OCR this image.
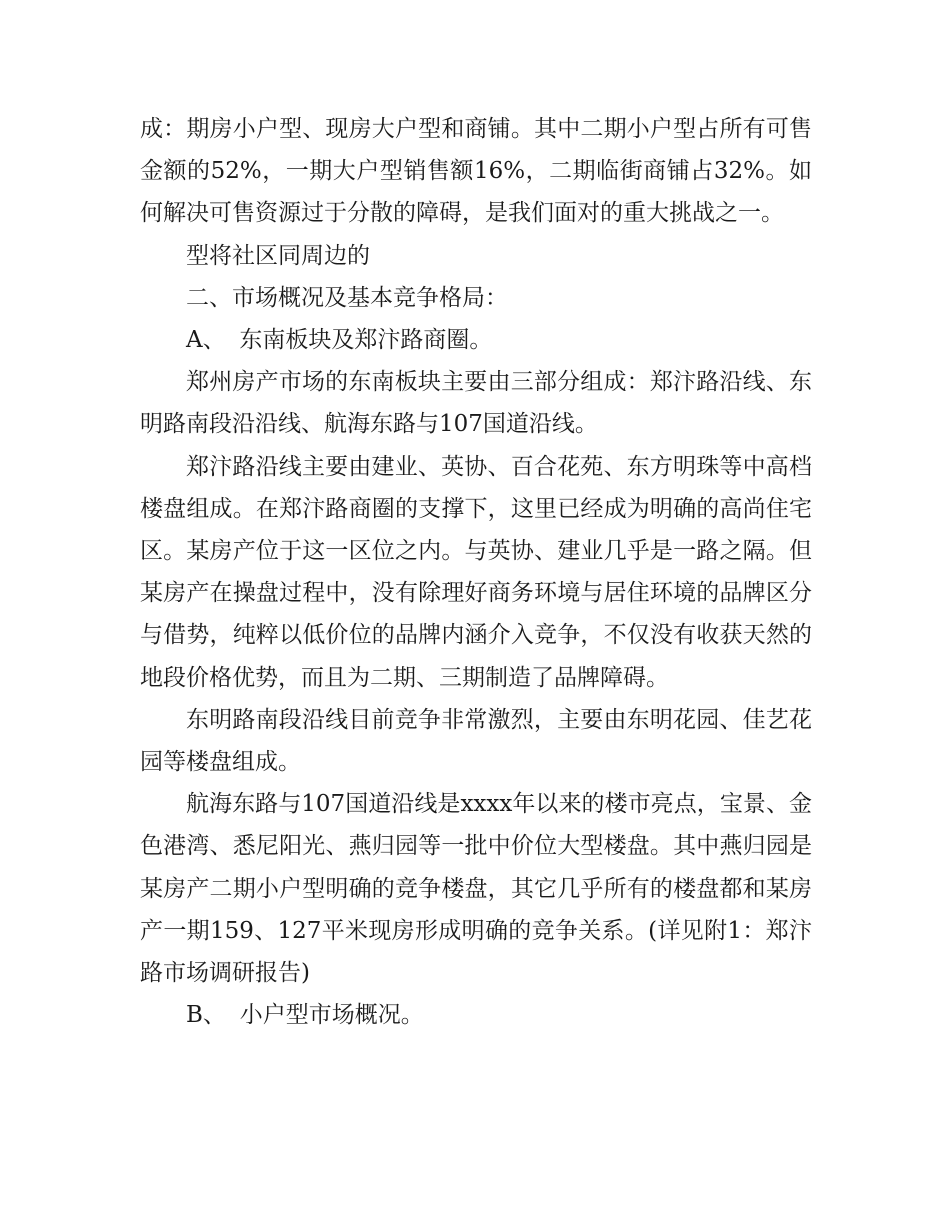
成：期房小户型、现房大户型和商铺。其中二期小户型占所有可售金额的52%，一期大户型销售额16%，二期临街商铺占32%。如何解决可售资源过于分散的障碍，是我们面对的重大挑战之一。

型将社区同周边的

二、市场概况及基本竞争格局：

A、 东南板块及郑汴路商圈。

郑州房产市场的东南板块主要由三部分组成：郑汴路沿线、东明路南段沿沿线、航海东路与107国道沿线。

郑汴路沿线主要由建业、英协、百合花苑、东方明珠等中高档楼盘组成。在郑汴路商圈的支撑下，这里已经成为明确的高尚住宅区。某房产位于这一区位之内。与英协、建业几乎是一路之隔。但某房产在操盘过程中，没有除理好商务环境与居住环境的品牌区分与借势，纯粹以低价位的品牌内涵介入竞争，不仅没有收获天然的地段价格优势，而且为二期、三期制造了品牌障碍。

东明路南段沿线目前竞争非常激烈，主要由东明花园、佳艺花园等楼盘组成。

航海东路与107国道沿线是xxxx年以来的楼市亮点，宝景、金色港湾、悉尼阳光、燕归园等一批中价位大型楼盘。其中燕归园是某房产二期小户型明确的竞争楼盘，其它几乎所有的楼盘都和某房产一期159、127平米现房形成明确的竞争关系。(详见附1：郑汴路市场调研报告)

B、 小户型市场概况。
